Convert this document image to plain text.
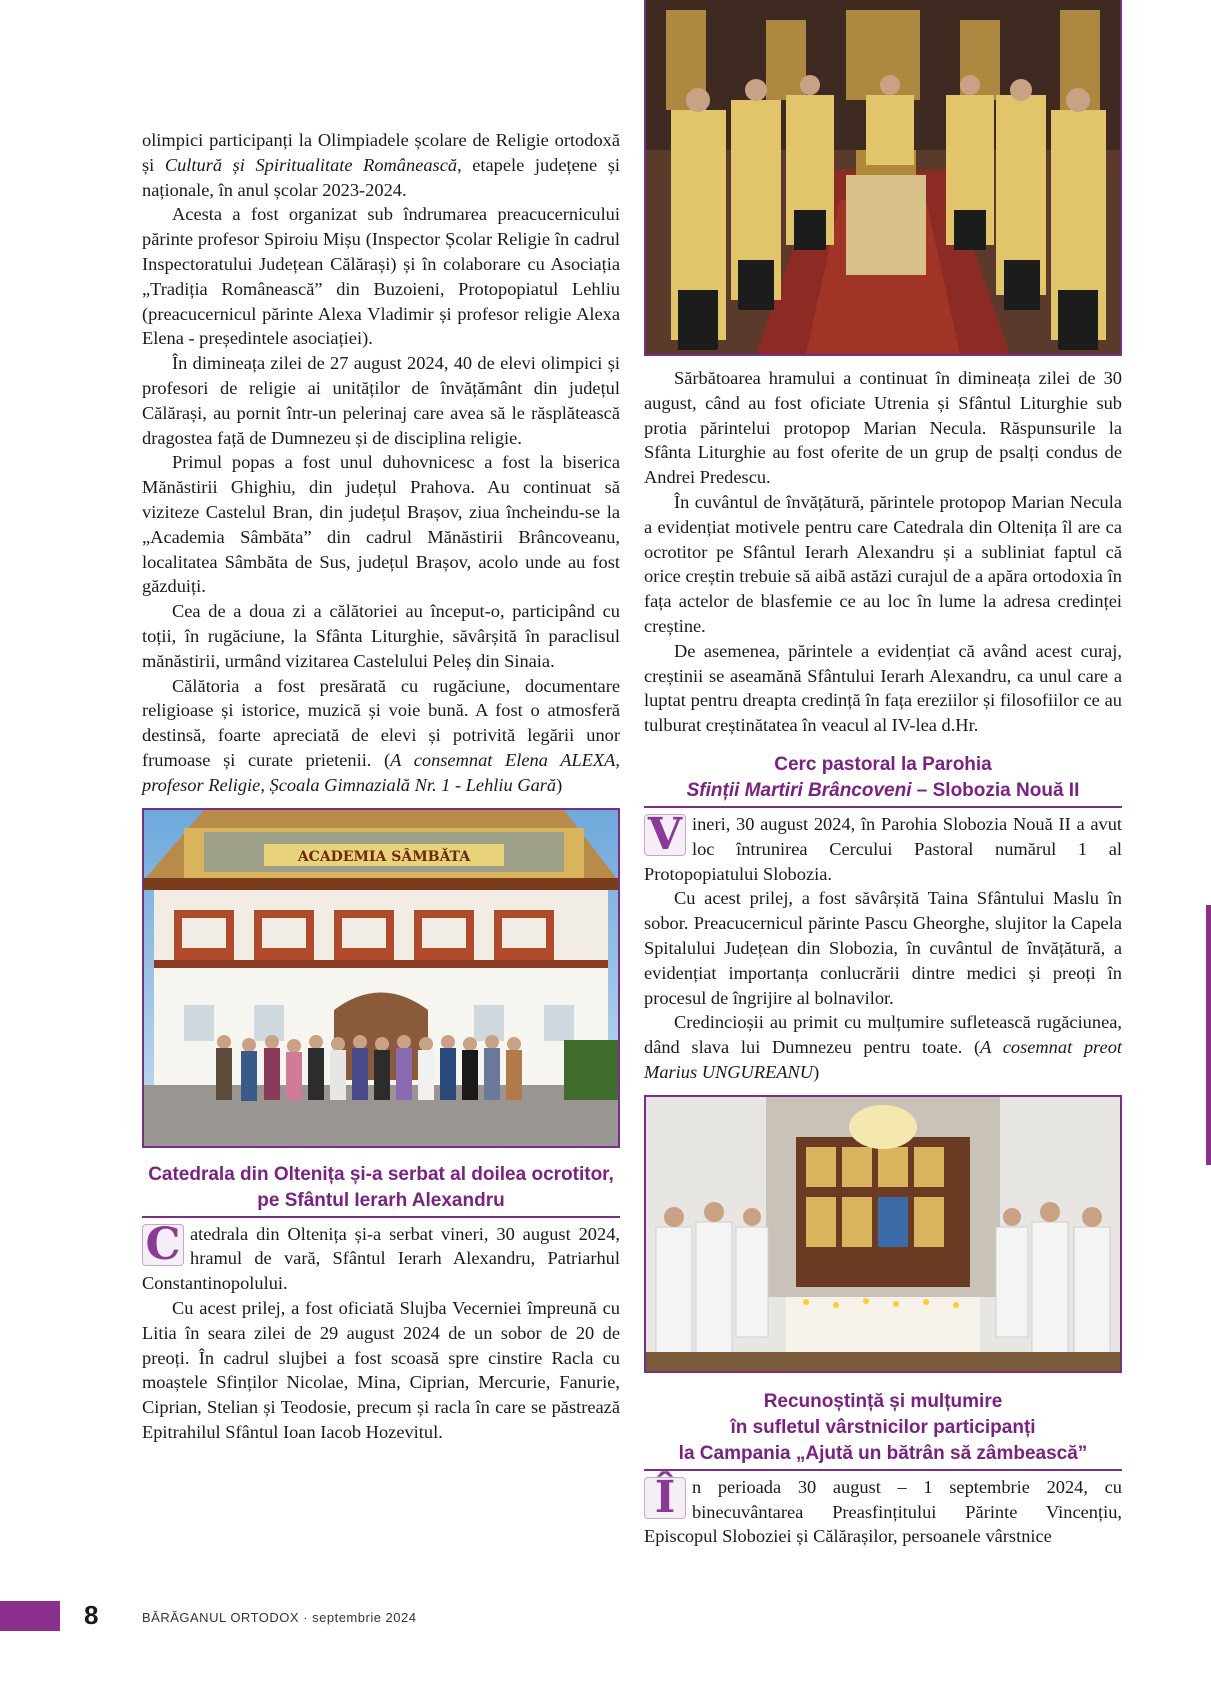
olimpici participanți la Olimpiadele școlare de Religie ortodoxă și Cultură și Spiritualitate Românească, etapele județene și naționale, în anul școlar 2023-2024.

Acesta a fost organizat sub îndrumarea preacucernicului părinte profesor Spiroiu Mișu (Inspector Școlar Religie în cadrul Inspectoratului Județean Călărași) și în colaborare cu Asociația „Tradiția Românească” din Buzoieni, Protopopiatul Lehliu (preacucernicul părinte Alexa Vladimir și profesor religie Alexa Elena - președintele asociației).

În dimineața zilei de 27 august 2024, 40 de elevi olimpici și profesori de religie ai unităților de învățământ din județul Călărași, au pornit într-un pelerinaj care avea să le răsplătească dragostea față de Dumnezeu și de disciplina religie.

Primul popas a fost unul duhovnicesc a fost la biserica Mănăstirii Ghighiu, din județul Prahova. Au continuat să viziteze Castelul Bran, din județul Brașov, ziua încheindu-se la „Academia Sâmbăta” din cadrul Mănăstirii Brâncoveanu, localitatea Sâmbăta de Sus, județul Brașov, acolo unde au fost găzduiți.

Cea de a doua zi a călătoriei au început-o, participând cu toții, în rugăciune, la Sfânta Liturghie, săvârșită în paraclisul mănăstirii, urmând vizitarea Castelului Peleș din Sinaia.

Călătoria a fost presărată cu rugăciune, documentare religioase și istorice, muzică și voie bună. A fost o atmosferă destinsă, foarte apreciată de elevi și potrivită legării unor frumoase și curate prietenii. (A consemnat Elena ALEXA, profesor Religie, Școala Gimnazială Nr. 1 - Lehliu Gară)

ACADEMIA SÂMBĂTA

Catedrala din Oltenița și-a serbat al doilea ocrotitor,
pe Sfântul Ierarh Alexandru

C atedrala din Oltenița și-a serbat vineri, 30 august 2024, hramul de vară, Sfântul Ierarh Alexandru, Patriarhul Constantinopolului.

Cu acest prilej, a fost oficiată Slujba Vecerniei împreună cu Litia în seara zilei de 29 august 2024 de un sobor de 20 de preoți. În cadrul slujbei a fost scoasă spre cinstire Racla cu moaștele Sfinților Nicolae, Mina, Ciprian, Mercurie, Fanurie, Ciprian, Stelian și Teodosie, precum și racla în care se păstrează Epitrahilul Sfântul Ioan Iacob Hozevitul.

Sărbătoarea hramului a continuat în dimineața zilei de 30 august, când au fost oficiate Utrenia și Sfântul Liturghie sub protia părintelui protopop Marian Necula. Răspunsurile la Sfânta Liturghie au fost oferite de un grup de psalți condus de Andrei Predescu.

În cuvântul de învățătură, părintele protopop Marian Necula a evidențiat motivele pentru care Catedrala din Oltenița îl are ca ocrotitor pe Sfântul Ierarh Alexandru și a subliniat faptul că orice creștin trebuie să aibă astăzi curajul de a apăra ortodoxia în fața actelor de blasfemie ce au loc în lume la adresa credinței creștine.

De asemenea, părintele a evidențiat că având acest curaj, creștinii se aseamănă Sfântului Ierarh Alexandru, ca unul care a luptat pentru dreapta credință în fața ereziilor și filosofiilor ce au tulburat creștinătatea în veacul al IV-lea d.Hr.

Cerc pastoral la Parohia
Sfinții Martiri Brâncoveni – Slobozia Nouă II

V ineri, 30 august 2024, în Parohia Slobozia Nouă II a avut loc întrunirea Cercului Pastoral numărul 1 al Protopopiatului Slobozia.

Cu acest prilej, a fost săvârșită Taina Sfântului Maslu în sobor. Preacucernicul părinte Pascu Gheorghe, slujitor la Capela Spitalului Județean din Slobozia, în cuvântul de învățătură, a evidențiat importanța conlucrării dintre medici și preoți în procesul de îngrijire al bolnavilor.

Credincioșii au primit cu mulțumire sufletească rugăciunea, dând slava lui Dumnezeu pentru toate. (A cosemnat preot Marius UNGUREANU)

Recunoștință și mulțumire
în sufletul vârstnicilor participanți
la Campania „Ajută un bătrân să zâmbească”

Î n perioada 30 august – 1 septembrie 2024, cu binecuvântarea Preasfințitului Părinte Vincențiu, Episcopul Sloboziei și Călărașilor, persoanele vârstnice

8	BĂRĂGANUL ORTODOX · septembrie 2024
